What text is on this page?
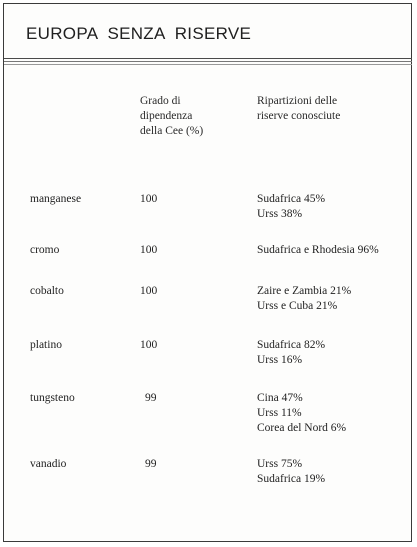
EUROPA  SENZA  RISERVE
Grado di
dipendenza
della Cee (%)
Ripartizioni delle
riserve conosciute
manganese	100	Sudafrica 45%
Urss 38%
cromo	100	Sudafrica e Rhodesia 96%
cobalto	100	Zaire e Zambia 21%
Urss e Cuba 21%
platino	100	Sudafrica 82%
Urss 16%
tungsteno	99	Cina 47%
Urss 11%
Corea del Nord 6%
vanadio	99	Urss 75%
Sudafrica 19%
